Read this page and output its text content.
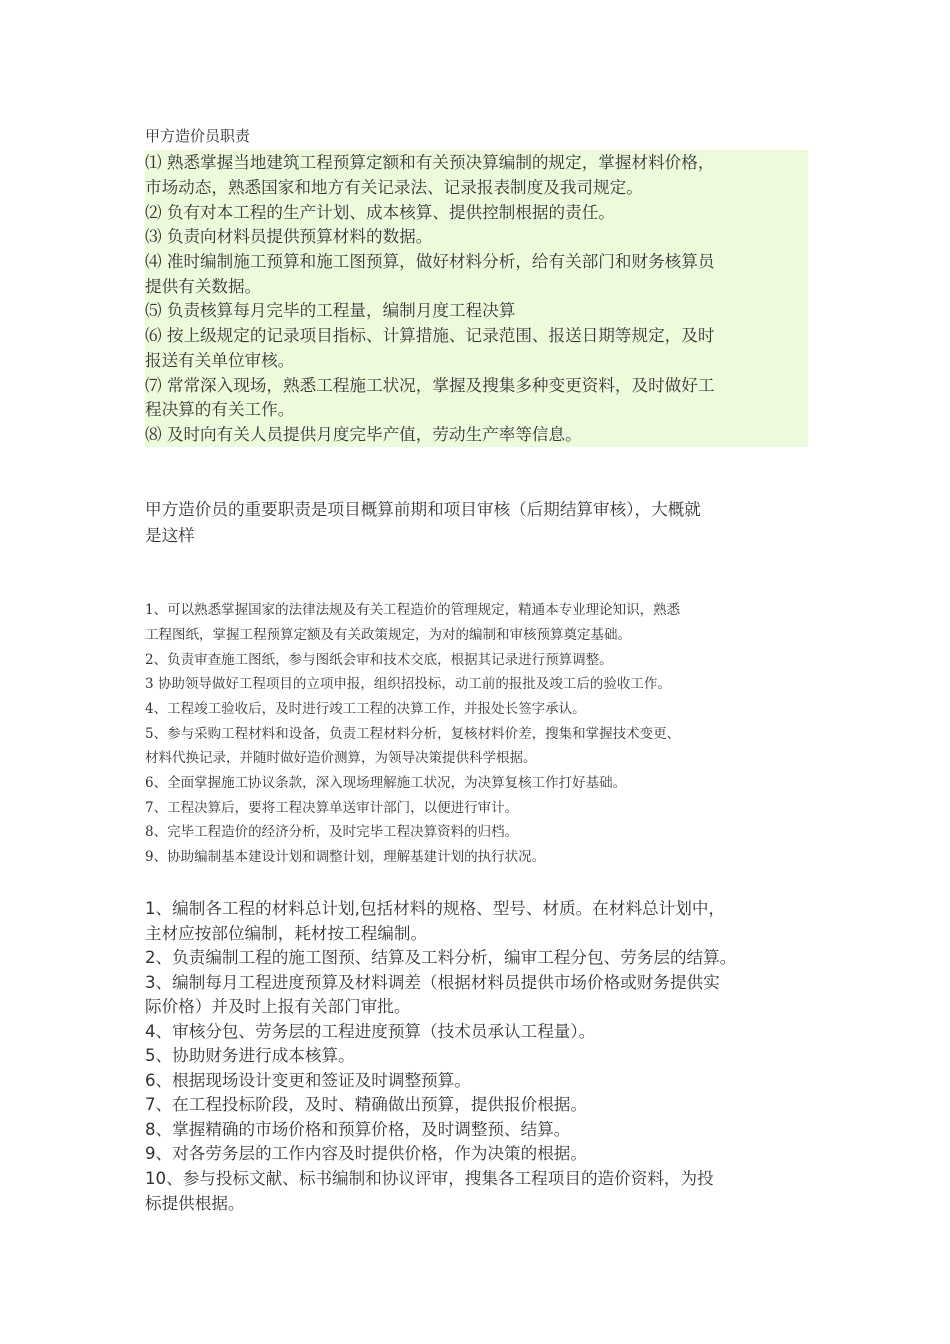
甲方造价员职责
⑴ 熟悉掌握当地建筑工程预算定额和有关预决算编制的规定，掌握材料价格，
市场动态，熟悉国家和地方有关记录法、记录报表制度及我司规定。
⑵ 负有对本工程的生产计划、成本核算、提供控制根据的责任。
⑶ 负责向材料员提供预算材料的数据。
⑷ 准时编制施工预算和施工图预算，做好材料分析，给有关部门和财务核算员
提供有关数据。
⑸ 负责核算每月完毕的工程量，编制月度工程决算
⑹ 按上级规定的记录项目指标、计算措施、记录范围、报送日期等规定，及时
报送有关单位审核。
⑺ 常常深入现场，熟悉工程施工状况，掌握及搜集多种变更资料，及时做好工
程决算的有关工作。
⑻ 及时向有关人员提供月度完毕产值，劳动生产率等信息。
甲方造价员的重要职责是项目概算前期和项目审核（后期结算审核），大概就
是这样
1、可以熟悉掌握国家的法律法规及有关工程造价的管理规定，精通本专业理论知识，熟悉
工程图纸，掌握工程预算定额及有关政策规定，为对的编制和审核预算奠定基础。
2、负责审查施工图纸，参与图纸会审和技术交底，根据其记录进行预算调整。
3 协助领导做好工程项目的立项申报，组织招投标，动工前的报批及竣工后的验收工作。
4、工程竣工验收后，及时进行竣工工程的决算工作，并报处长签字承认。
5、参与采购工程材料和设备，负责工程材料分析，复核材料价差，搜集和掌握技术变更、
材料代换记录，并随时做好造价测算，为领导决策提供科学根据。
6、全面掌握施工协议条款，深入现场理解施工状况，为决算复核工作打好基础。
7、工程决算后，要将工程决算单送审计部门，以便进行审计。
8、完毕工程造价的经济分析，及时完毕工程决算资料的归档。
9、协助编制基本建设计划和调整计划，理解基建计划的执行状况。
1、编制各工程的材料总计划,包括材料的规格、型号、材质。在材料总计划中，
主材应按部位编制，耗材按工程编制。
2、负责编制工程的施工图预、结算及工料分析，编审工程分包、劳务层的结算。
3、编制每月工程进度预算及材料调差（根据材料员提供市场价格或财务提供实
际价格）并及时上报有关部门审批。
4、审核分包、劳务层的工程进度预算（技术员承认工程量）。
5、协助财务进行成本核算。
6、根据现场设计变更和签证及时调整预算。
7、在工程投标阶段，及时、精确做出预算，提供报价根据。
8、掌握精确的市场价格和预算价格，及时调整预、结算。
9、对各劳务层的工作内容及时提供价格，作为决策的根据。
10、参与投标文献、标书编制和协议评审，搜集各工程项目的造价资料，为投
标提供根据。
